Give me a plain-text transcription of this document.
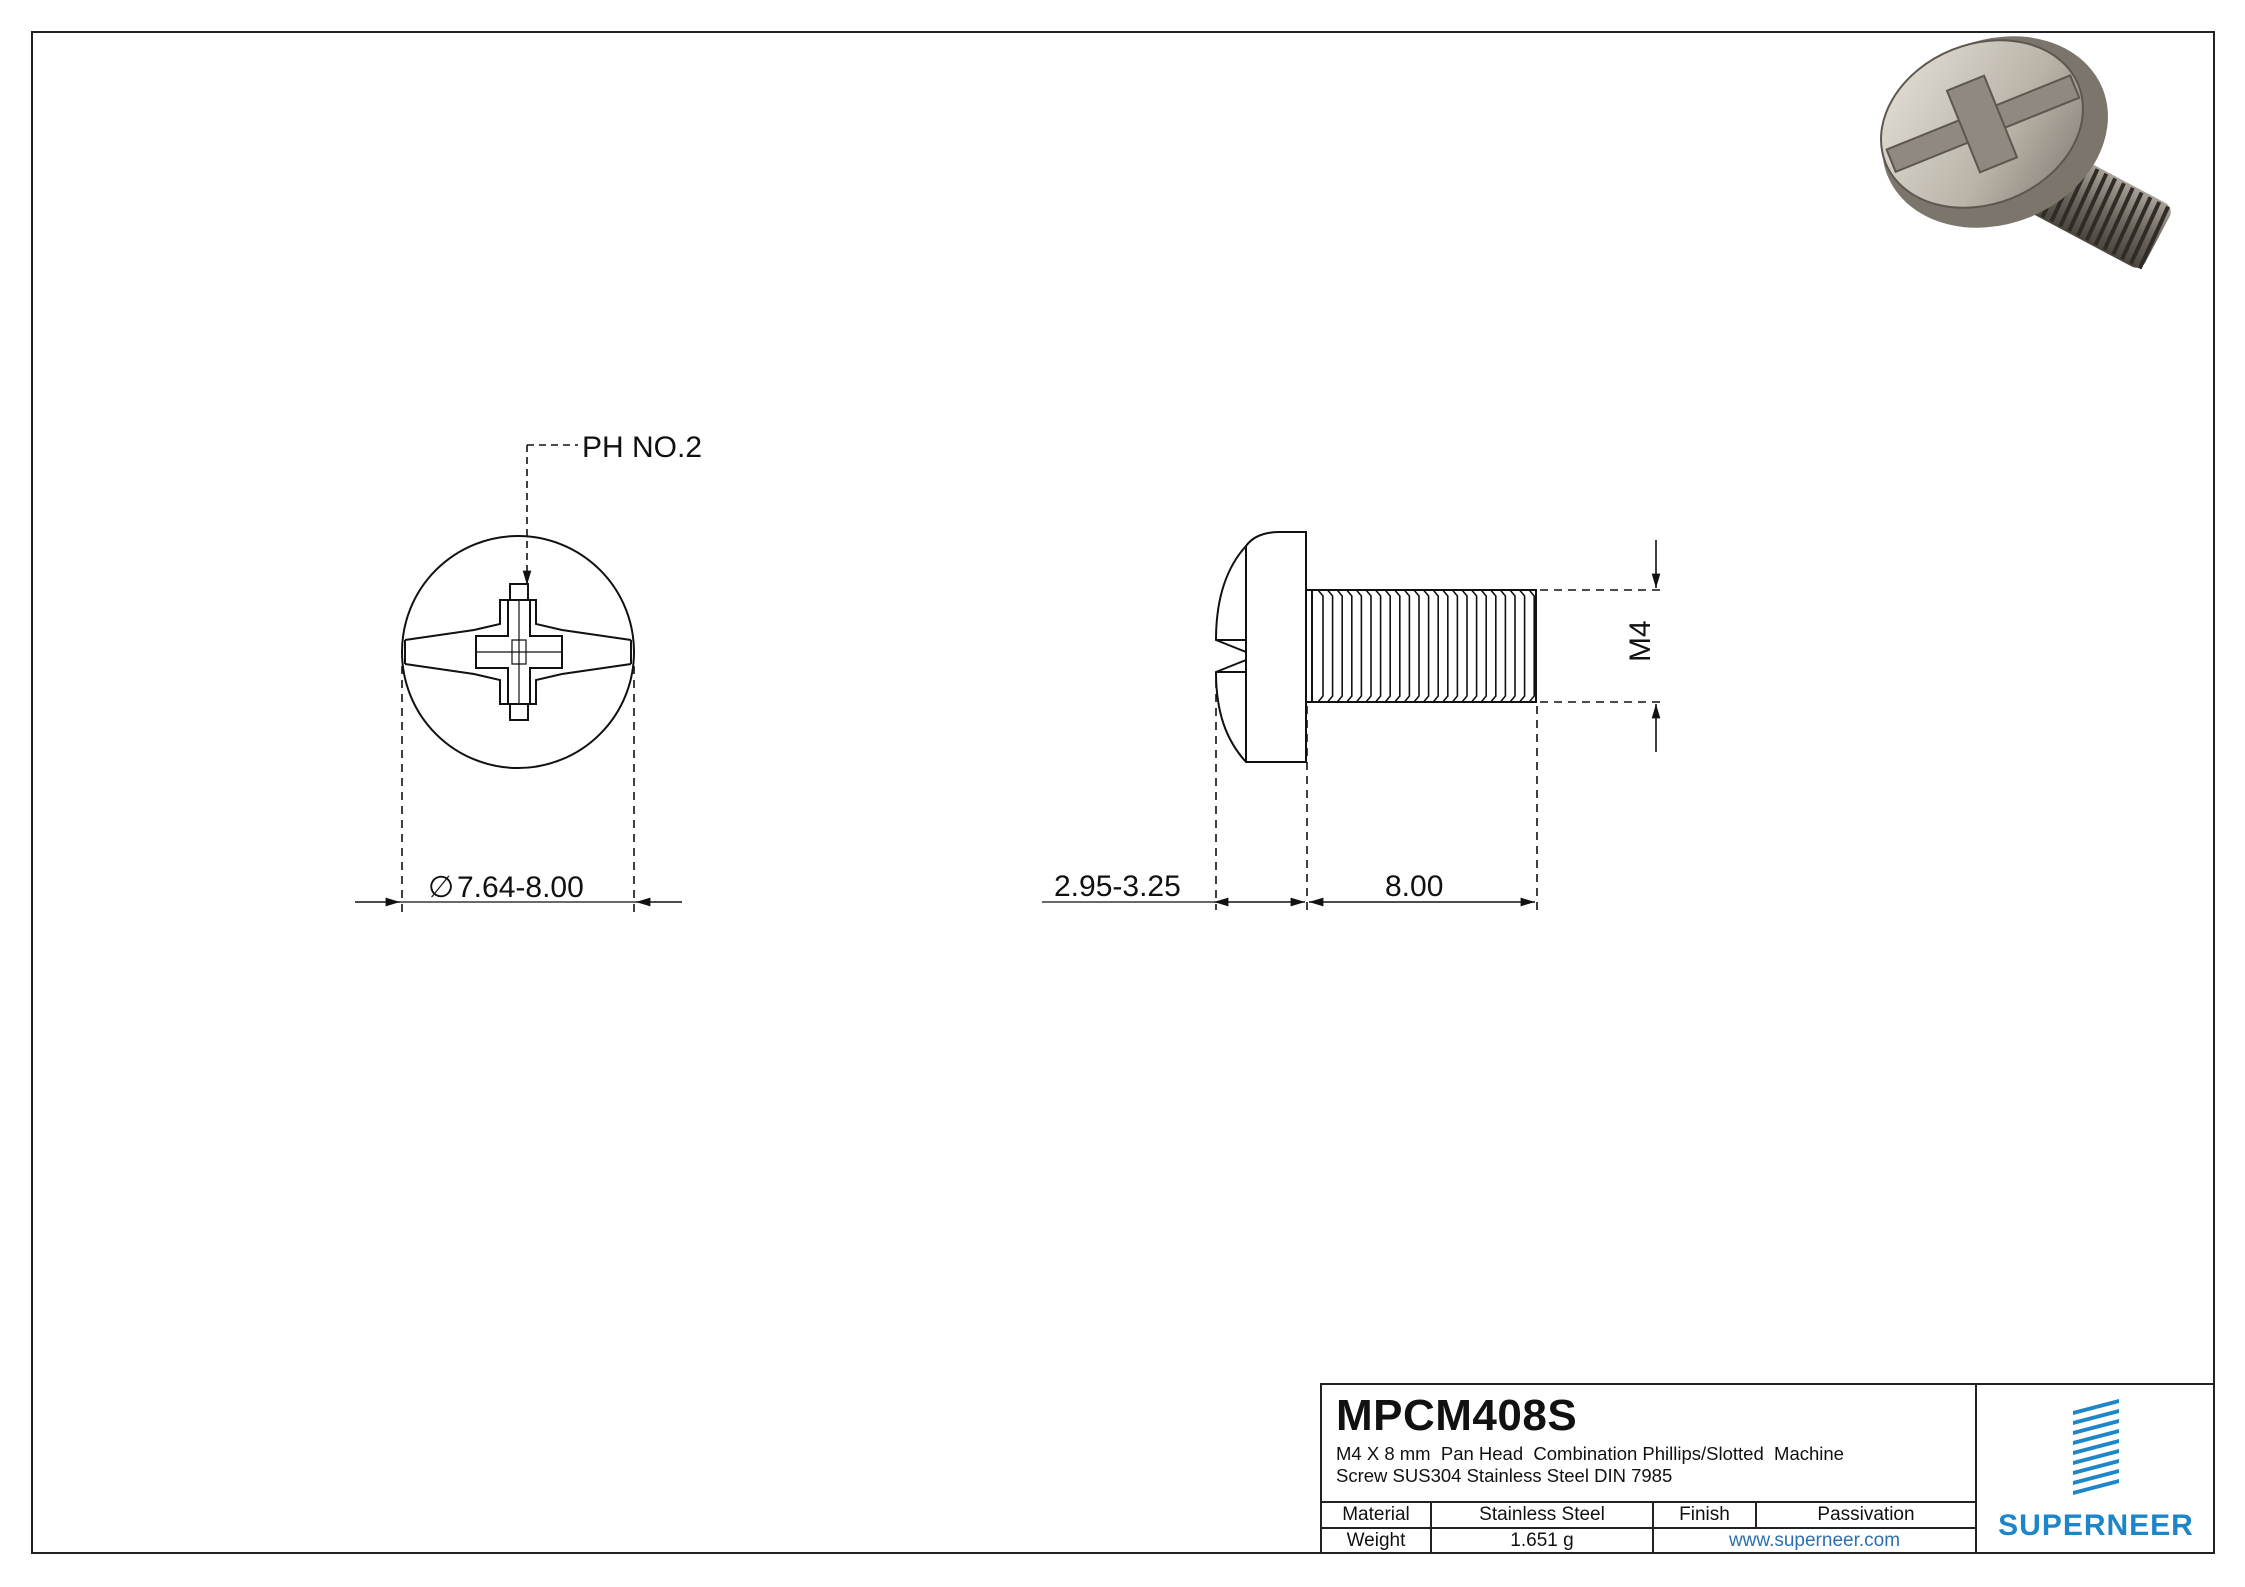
PH NO.2
∅ 7.64-8.00	2.95-3.25	8.00
M4
MPCM408S
M4 X 8 mm  Pan Head  Combination Phillips/Slotted  Machine
Screw SUS304 Stainless Steel DIN 7985
Material	Stainless Steel	Finish	Passivation
Weight	1.651 g	www.superneer.com	SUPERNEER
